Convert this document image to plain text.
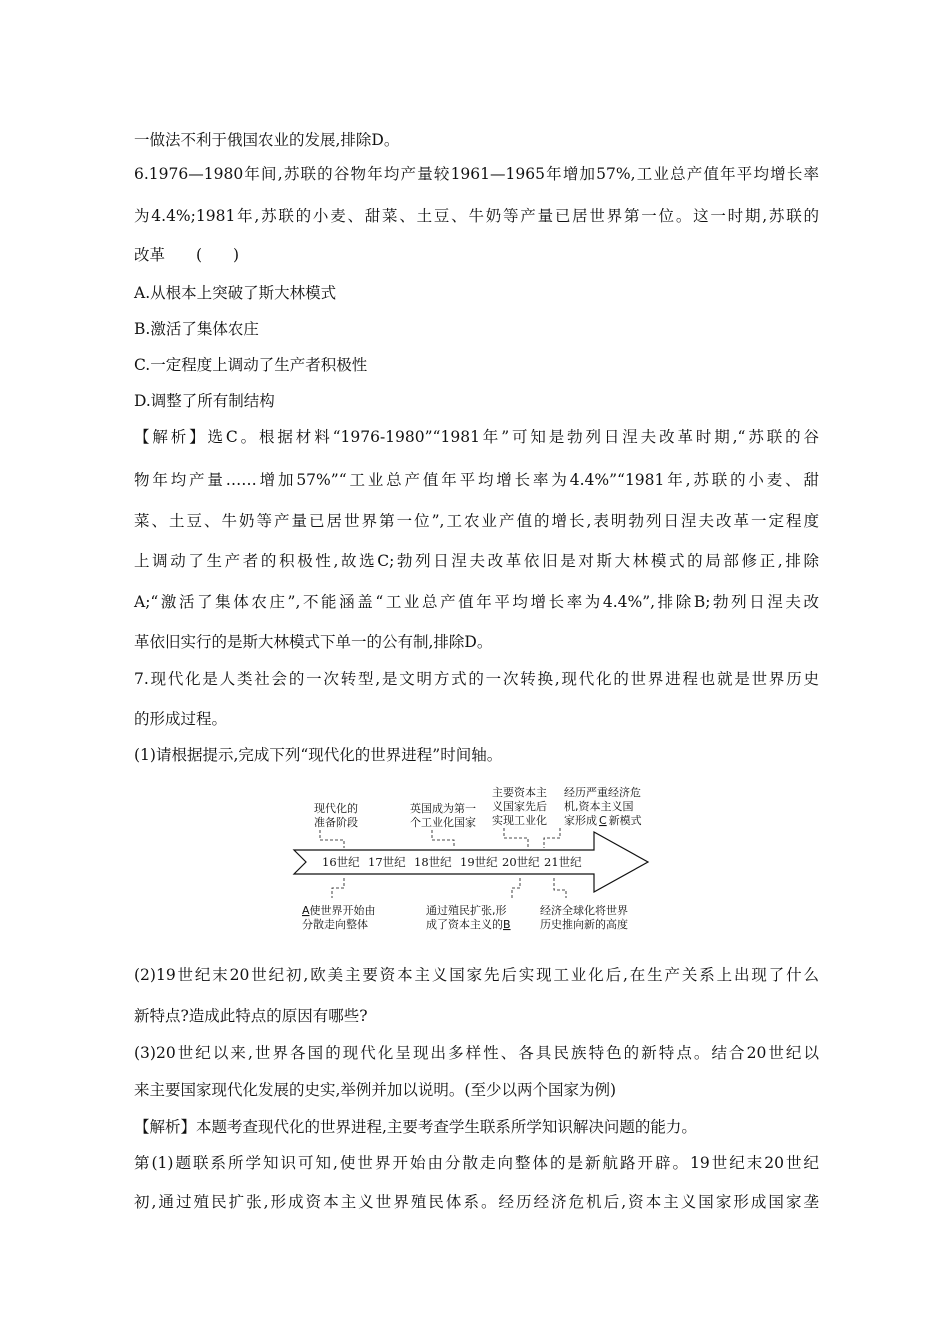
一做法不利于俄国农业的发展,排除D。
6.1976—1980年间,苏联的谷物年均产量较1961—1965年增加57%,工业总产值年平均增长率
为4.4%;1981年,苏联的小麦、甜菜、土豆、牛奶等产量已居世界第一位。这一时期,苏联的
改革　　(　　)
A.从根本上突破了斯大林模式
B.激活了集体农庄
C.一定程度上调动了生产者积极性
D.调整了所有制结构
【解析】选C。根据材料“1976-1980”“1981年”可知是勃列日涅夫改革时期,“苏联的谷
物年均产量……增加57%”“工业总产值年平均增长率为4.4%”“1981年,苏联的小麦、甜
菜、土豆、牛奶等产量已居世界第一位”,工农业产值的增长,表明勃列日涅夫改革一定程度
上调动了生产者的积极性,故选C;勃列日涅夫改革依旧是对斯大林模式的局部修正,排除
A;“激活了集体农庄”,不能涵盖“工业总产值年平均增长率为4.4%”,排除B;勃列日涅夫改
革依旧实行的是斯大林模式下单一的公有制,排除D。
7.现代化是人类社会的一次转型,是文明方式的一次转换,现代化的世界进程也就是世界历史
的形成过程。
(1)请根据提示,完成下列“现代化的世界进程”时间轴。
现代化的
准备阶段
英国成为第一
个工业化国家
主要资本主
义国家先后
实现工业化
经历严重经济危
机,资本主义国
家形成 C 新模式
16世纪 17世纪 18世纪 19世纪 20世纪 21世纪
A使世界开始由
分散走向整体
通过殖民扩张,形
成了资本主义的B
经济全球化将世界
历史推向新的高度
(2)19世纪末20世纪初,欧美主要资本主义国家先后实现工业化后,在生产关系上出现了什么
新特点?造成此特点的原因有哪些?
(3)20世纪以来,世界各国的现代化呈现出多样性、各具民族特色的新特点。结合20世纪以
来主要国家现代化发展的史实,举例并加以说明。(至少以两个国家为例)
【解析】本题考查现代化的世界进程,主要考查学生联系所学知识解决问题的能力。
第(1)题联系所学知识可知,使世界开始由分散走向整体的是新航路开辟。19世纪末20世纪
初,通过殖民扩张,形成资本主义世界殖民体系。经历经济危机后,资本主义国家形成国家垄
